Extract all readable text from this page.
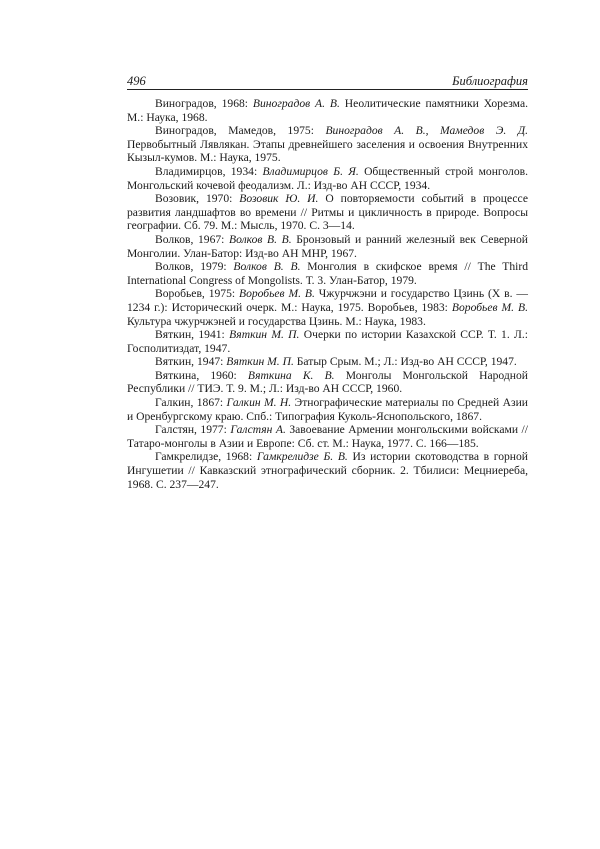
496	Библиография

Виноградов, 1968: Виноградов А. В. Неолитические памятники Хорезма. М.: Наука, 1968.

Виноградов, Мамедов, 1975: Виноградов А. В., Мамедов Э. Д. Первобытный Лявлякан. Этапы древнейшего заселения и освоения Внутренних Кызыл-кумов. М.: Наука, 1975.

Владимирцов, 1934: Владимирцов Б. Я. Общественный строй монголов. Монгольский кочевой феодализм. Л.: Изд-во АН СССР, 1934.

Возовик, 1970: Возовик Ю. И. О повторяемости событий в процессе развития ландшафтов во времени // Ритмы и цикличность в природе. Вопросы географии. Сб. 79. М.: Мысль, 1970. С. 3—14.

Волков, 1967: Волков В. В. Бронзовый и ранний железный век Северной Монголии. Улан-Батор: Изд-во АН МНР, 1967.

Волков, 1979: Волков В. В. Монголия в скифское время // The Third International Congress of Mongolists. Т. 3. Улан-Батор, 1979.

Воробьев, 1975: Воробьев М. В. Чжурчжэни и государство Цзинь (X в. — 1234 г.): Исторический очерк. М.: Наука, 1975. Воробьев, 1983: Воробьев М. В. Культура чжурчжэней и государства Цзинь. М.: Наука, 1983.

Вяткин, 1941: Вяткин М. П. Очерки по истории Казахской ССР. Т. 1. Л.: Госполитиздат, 1947.

Вяткин, 1947: Вяткин М. П. Батыр Срым. М.; Л.: Изд-во АН СССР, 1947.

Вяткина, 1960: Вяткина К. В. Монголы Монгольской Народной Республики // ТИЭ. Т. 9. М.; Л.: Изд-во АН СССР, 1960.

Галкин, 1867: Галкин М. Н. Этнографические материалы по Средней Азии и Оренбургскому краю. Спб.: Типография Куколь-Яснопольского, 1867.

Галстян, 1977: Галстян А. Завоевание Армении монгольскими войсками // Татаро-монголы в Азии и Европе: Сб. ст. М.: Наука, 1977. С. 166—185.

Гамкрелидзе, 1968: Гамкрелидзе Б. В. Из истории скотоводства в горной Ингушетии // Кавказский этнографический сборник. 2. Тбилиси: Мецниереба, 1968. С. 237—247.
